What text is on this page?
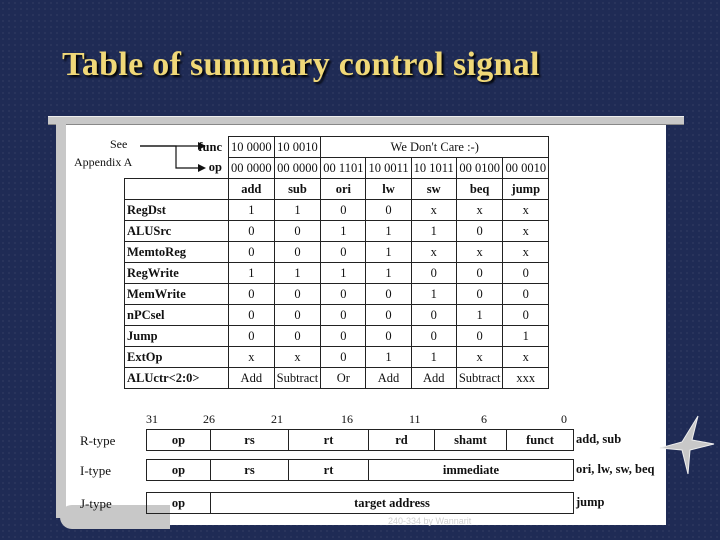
Table of summary control signal
See
Appendix A
func	10 0000	10 0010	We Don't Care :-)				
op	00 0000	00 0000	00 1101	10 0011	10 1011	00 0100	00 0010
	add	sub	ori	lw	sw	beq	jump
RegDst	1	1	0	0	x	x	x
ALUSrc	0	0	1	1	1	0	x
MemtoReg	0	0	0	1	x	x	x
RegWrite	1	1	1	1	0	0	0
MemWrite	0	0	0	0	1	0	0
nPCsel	0	0	0	0	0	1	0
Jump	0	0	0	0	0	0	1
ExtOp	x	x	0	1	1	x	x
ALUctr<2:0>	Add	Subtract	Or	Add	Add	Subtract	xxx
31	26	21	16	11	6	0
R-type	op	rs	rt	rd	shamt	funct	add, sub
I-type	op	rs	rt	immediate	ori, lw, sw, beq
J-type	op	target address	jump
240-334 by Wannarit
